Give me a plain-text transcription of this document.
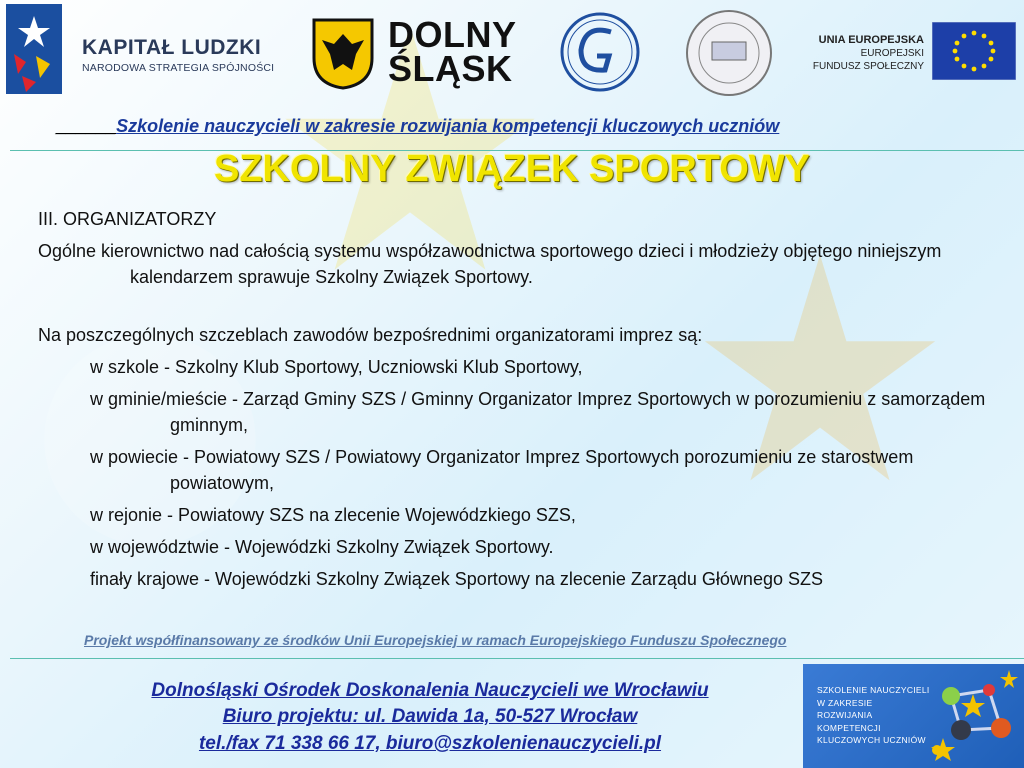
KAPITAŁ LUDZKI
NARODOWA STRATEGIA SPÓJNOŚCI
DOLNY
ŚLĄSK
UNIA EUROPEJSKA
EUROPEJSKI
FUNDUSZ SPOŁECZNY
______Szkolenie nauczycieli w zakresie rozwijania kompetencji kluczowych uczniów
SZKOLNY ZWIĄZEK SPORTOWY

III. ORGANIZATORZY

Ogólne kierownictwo nad całością systemu współzawodnictwa sportowego dzieci i młodzieży objętego niniejszym kalendarzem sprawuje Szkolny Związek Sportowy.

Na poszczególnych szczeblach zawodów bezpośrednimi organizatorami imprez są:

w szkole - Szkolny Klub Sportowy, Uczniowski Klub Sportowy,

w gminie/mieście - Zarząd Gminy SZS / Gminny Organizator Imprez Sportowych w porozumieniu z samorządem gminnym,

w powiecie - Powiatowy SZS / Powiatowy Organizator Imprez Sportowych porozumieniu ze starostwem powiatowym,

w rejonie - Powiatowy SZS na zlecenie Wojewódzkiego SZS,

w województwie - Wojewódzki Szkolny Związek Sportowy.

finały krajowe - Wojewódzki Szkolny Związek Sportowy na zlecenie Zarządu Głównego SZS

Projekt współfinansowany ze środków Unii Europejskiej w ramach Europejskiego Funduszu Społecznego
Dolnośląski Ośrodek Doskonalenia Nauczycieli we Wrocławiu
Biuro projektu: ul. Dawida 1a, 50-527 Wrocław
tel./fax 71 338 66 17, biuro@szkolenienauczycieli.pl
SZKOLENIE NAUCZYCIELI
W ZAKRESIE
ROZWIJANIA
KOMPETENCJI
KLUCZOWYCH UCZNIÓW
